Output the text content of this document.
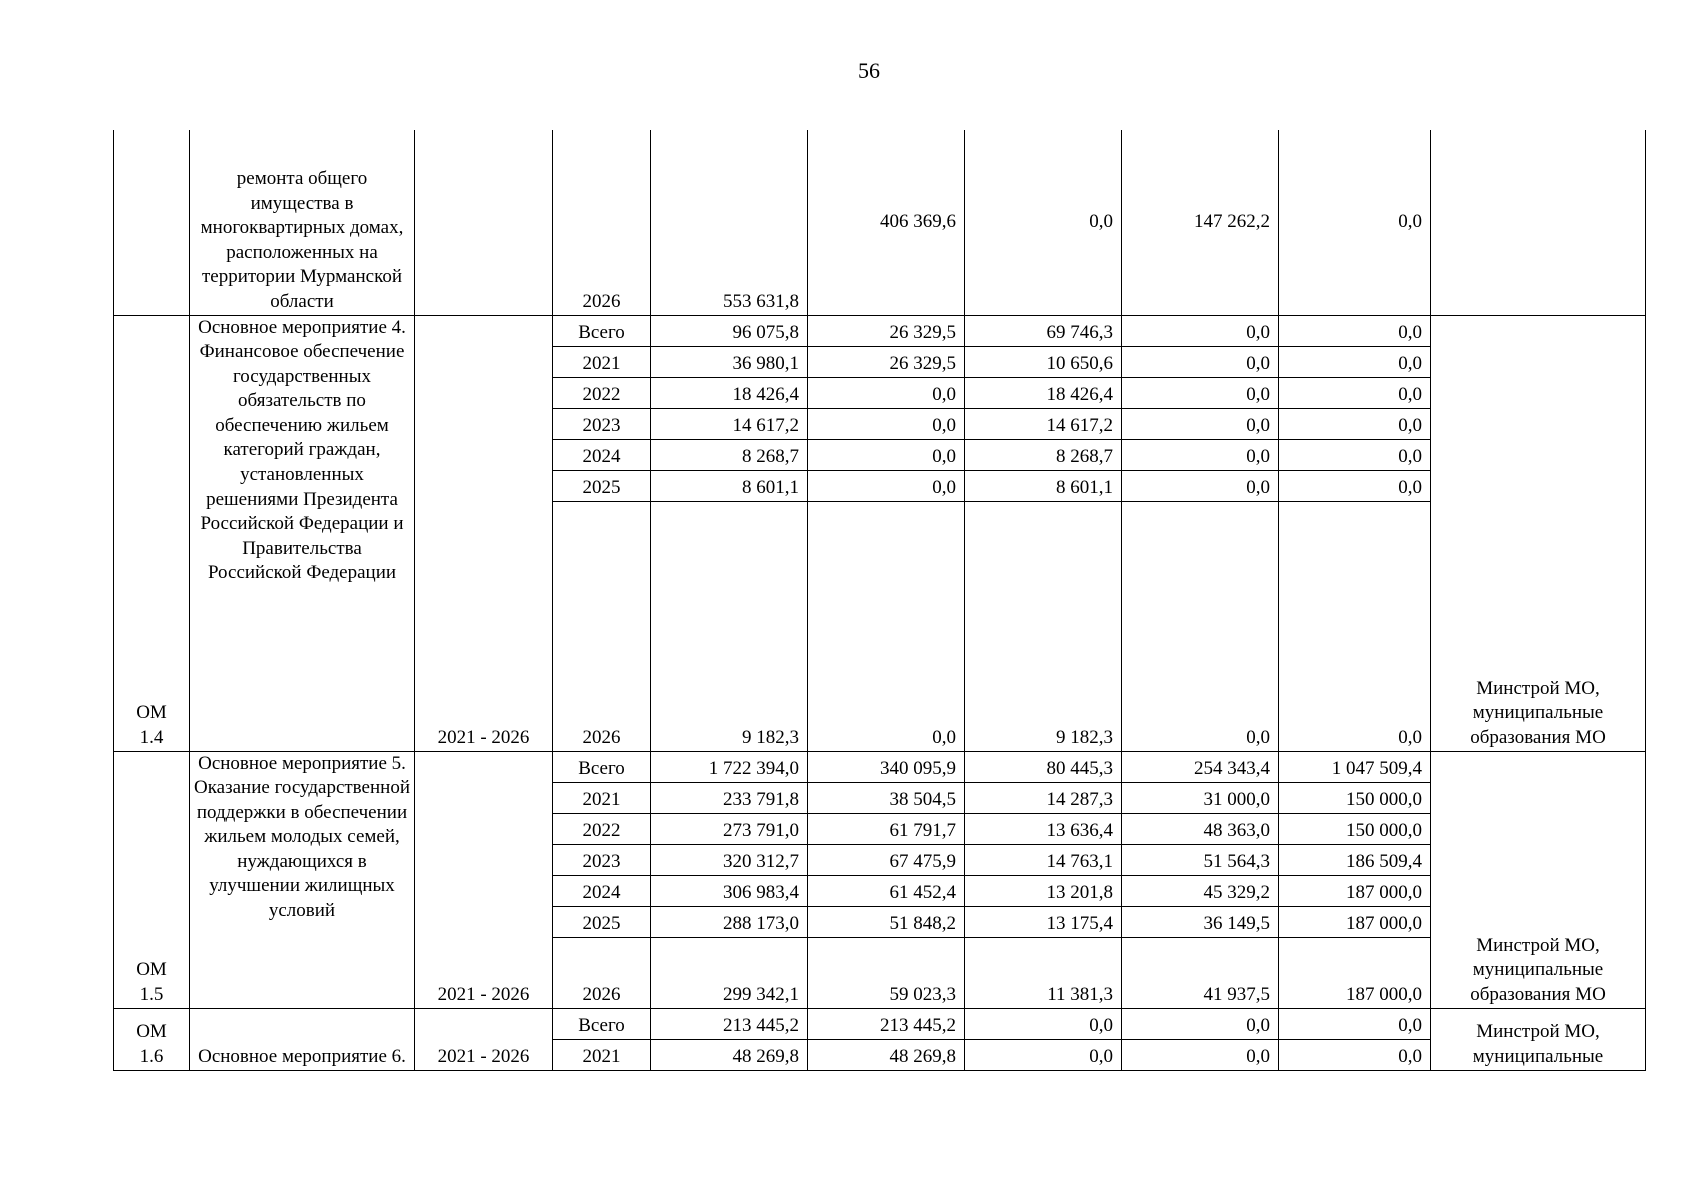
56
	ремонта общего имущества в многоквартирных домах, расположенных на территории Мурманской области		2026	553 631,8	406 369,6	0,0	147 262,2	0,0	
ОМ 1.4	Основное мероприятие 4. Финансовое обеспечение государственных обязательств по обеспечению жильем категорий граждан, установленных решениями Президента Российской Федерации и Правительства Российской Федерации	2021 - 2026	Всего	96 075,8	26 329,5	69 746,3	0,0	0,0	Минстрой МО, муниципальные образования МО
			2021	36 980,1	26 329,5	10 650,6	0,0	0,0	
			2022	18 426,4	0,0	18 426,4	0,0	0,0	
			2023	14 617,2	0,0	14 617,2	0,0	0,0	
			2024	8 268,7	0,0	8 268,7	0,0	0,0	
			2025	8 601,1	0,0	8 601,1	0,0	0,0	
			2026	9 182,3	0,0	9 182,3	0,0	0,0	
ОМ 1.5	Основное мероприятие 5. Оказание государственной поддержки в обеспечении жильем молодых семей, нуждающихся в улучшении жилищных условий	2021 - 2026	Всего	1 722 394,0	340 095,9	80 445,3	254 343,4	1 047 509,4	Минстрой МО, муниципальные образования МО
			2021	233 791,8	38 504,5	14 287,3	31 000,0	150 000,0	
			2022	273 791,0	61 791,7	13 636,4	48 363,0	150 000,0	
			2023	320 312,7	67 475,9	14 763,1	51 564,3	186 509,4	
			2024	306 983,4	61 452,4	13 201,8	45 329,2	187 000,0	
			2025	288 173,0	51 848,2	13 175,4	36 149,5	187 000,0	
			2026	299 342,1	59 023,3	11 381,3	41 937,5	187 000,0	
ОМ 1.6	Основное мероприятие 6.	2021 - 2026	Всего	213 445,2	213 445,2	0,0	0,0	0,0	Минстрой МО, муниципальные
			2021	48 269,8	48 269,8	0,0	0,0	0,0	
